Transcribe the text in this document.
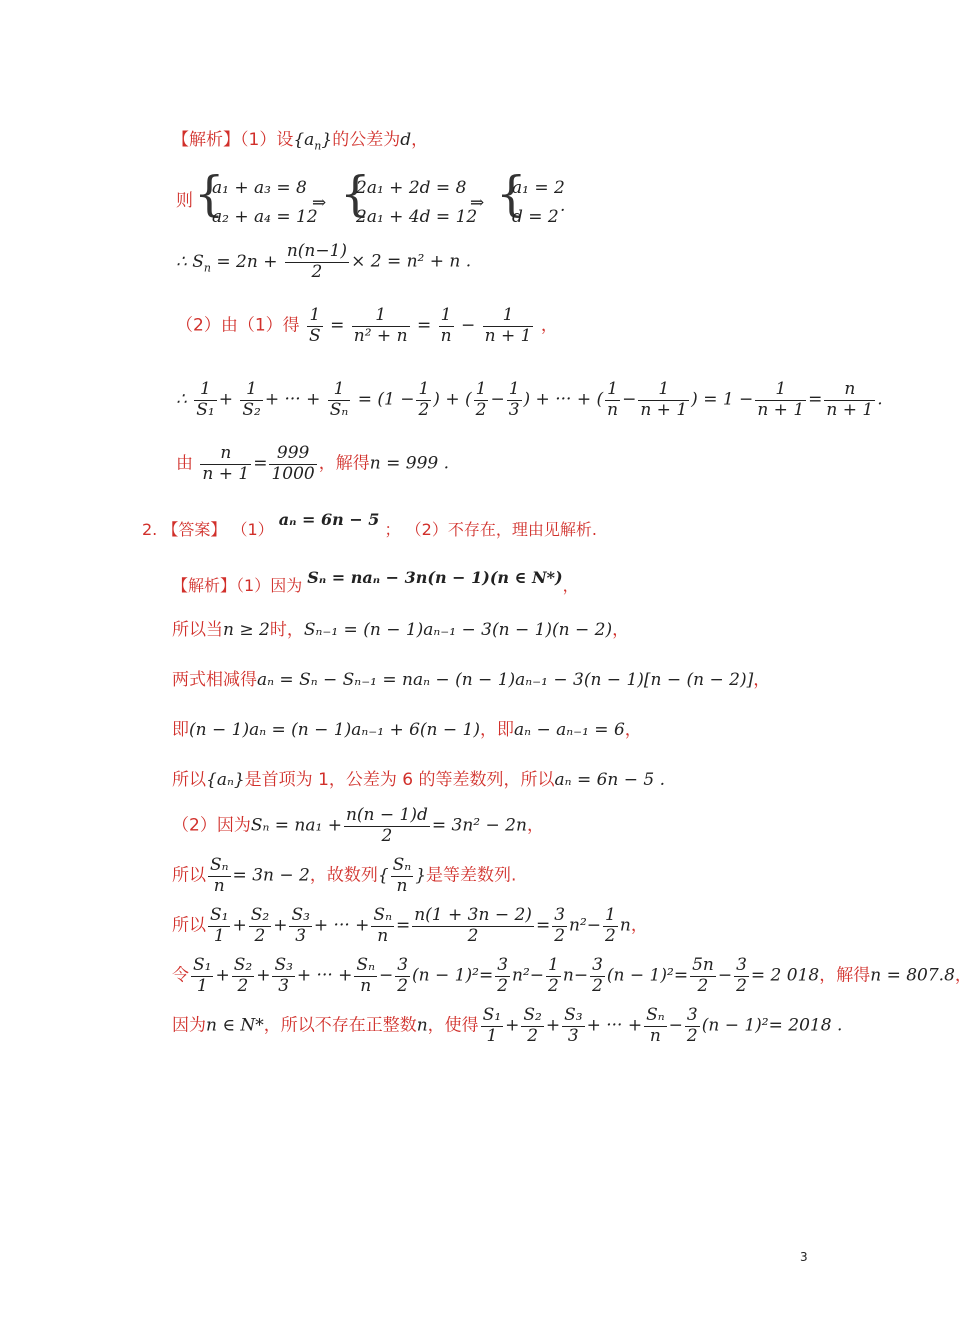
【解析】（1）设$\{a_n\}$的公差为d，
则 {
a₁ + a₃ = 8
a₂ + a₄ = 12
⇒ {
2a₁ + 2d = 8
2a₁ + 4d = 12
⇒ {
a₁ = 2
d = 2
.
∴ $S_n = 2n + \frac{n(n-1)}{2} \times 2 = n^2 + n$ .
（2）由（1）得 $\frac{1}{S} = \frac{1}{\text{n² + n}} = \frac{1}{n} - \frac{1}{n + 1}$ ，
∴ $\frac{1}{\text{S₁}} + \frac{1}{\text{S₂}}$ + ··· + $\frac{1}{\text{Sₙ}} = (1 - \frac{1}{2}$ ) + ( $\frac{1}{2} - \frac{1}{3}$ ) + ··· + ( $\frac{1}{n} - \frac{1}{n + 1}$ ) = $1 - \frac{1}{n + 1} = \frac{n}{n + 1}$ .
由 $\frac{n}{n + 1} = \frac{999}{1000}$ ，解得n = 999 .
2. 【答案】 （1） aₙ = 6n − 5 ； （2）不存在，理由见解析.
【解析】（1）因为 Sₙ = naₙ − 3n(n − 1)(n ∈ N*)，
所以当n ≥ 2时，Sₙ₋₁ = (n − 1)aₙ₋₁ − 3(n − 1)(n − 2)，
两式相减得aₙ = Sₙ − Sₙ₋₁ = naₙ − (n − 1)aₙ₋₁ − 3(n − 1)[n − (n − 2)]，
即(n − 1)aₙ = (n − 1)aₙ₋₁ + 6(n − 1)，即aₙ − aₙ₋₁ = 6，
所以{aₙ}是首项为 1，公差为 6 的等差数列，所以aₙ = 6n − 5 .
（2）因为$S_n = na_1 + \frac{n(n - 1)d}{2} = 3n^2 - 2n$，
所以 $\frac{\text{Sₙ}}{n} = 3n - 2$，故数列{ $\frac{\text{Sₙ}}{n}$ }是等差数列.
所以 $\frac{\text{S₁}}{1} + \frac{\text{S₂}}{2} + \frac{\text{S₃}}{3}$ + ··· + $\frac{\text{Sₙ}}{n} = \frac{n(1 + 3n - 2)}{2} = \frac{3}{2} n^2- \frac{1}{2}$ n，
令 $\frac{\text{S₁}}{1} + \frac{\text{S₂}}{2} + \frac{\text{S₃}}{3}$ + ··· + $\frac{\text{Sₙ}}{n} - \frac{3}{2} (n - 1)^2= \frac{3}{2} n^2- \frac{1}{2} n- \frac{3}{2} (n - 1)^2= \frac{5n}{2} - \frac{3}{2} = 2$ 018，解得n = 807.8，
因为n ∈ N*，所以不存在正整数n，使得 $\frac{\text{S₁}}{1} + \frac{\text{S₂}}{2} + \frac{\text{S₃}}{3}$ + ··· + $\frac{\text{Sₙ}}{n} - \frac{3}{2} (n - 1)^2= 2018$ .
3
